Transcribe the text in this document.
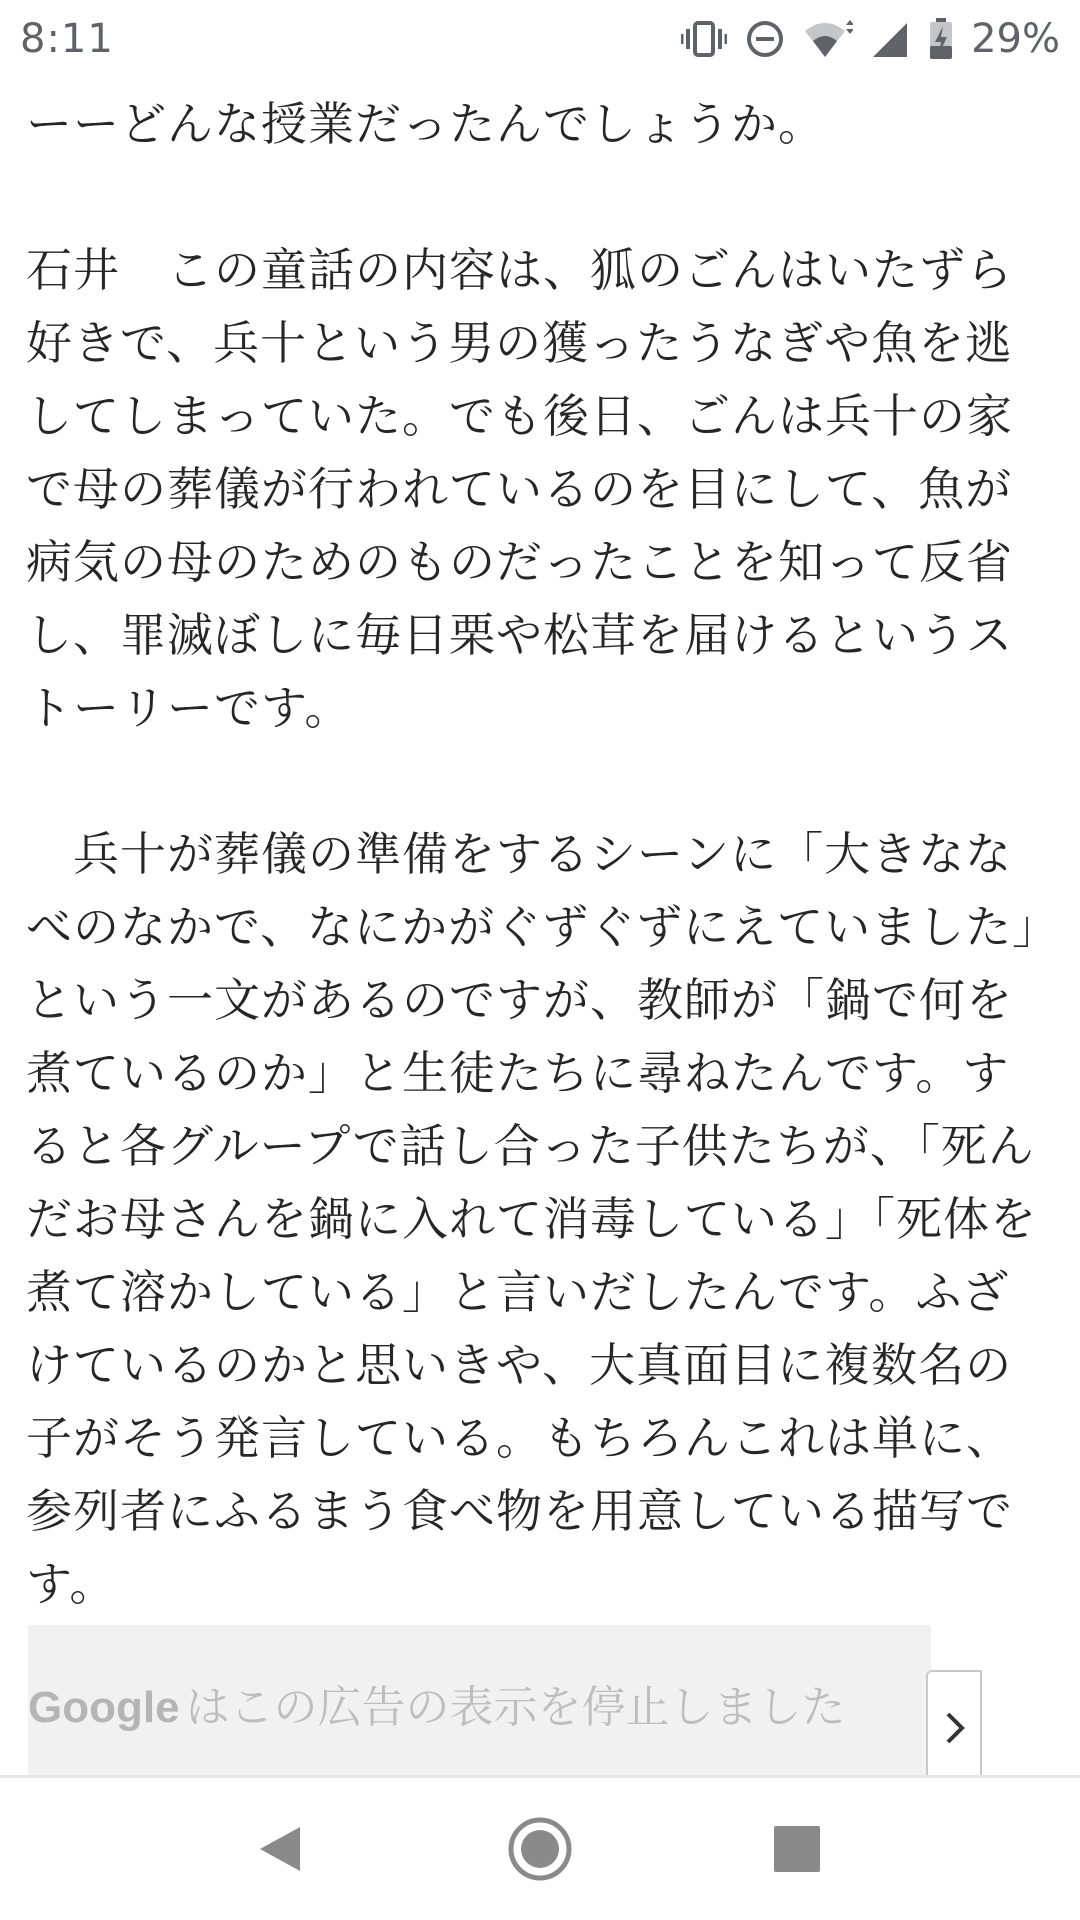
8:11	29%

ーーどんな授業だったんでしょうか。

石井　この童話の内容は、狐のごんはいたずら好きで、兵十という男の獲ったうなぎや魚を逃してしまっていた。でも後日、ごんは兵十の家で母の葬儀が行われているのを目にして、魚が病気の母のためのものだったことを知って反省し、罪滅ぼしに毎日栗や松茸を届けるというストーリーです。

　兵十が葬儀の準備をするシーンに「大きななべのなかで、なにかがぐずぐずにえていました」という一文があるのですが、教師が「鍋で何を煮ているのか」と生徒たちに尋ねたんです。すると各グループで話し合った子供たちが、「死んだお母さんを鍋に入れて消毒している」「死体を煮て溶かしている」と言いだしたんです。ふざけているのかと思いきや、大真面目に複数名の子がそう発言している。もちろんこれは単に、参列者にふるまう食べ物を用意している描写です。

Google はこの広告の表示を停止しました
